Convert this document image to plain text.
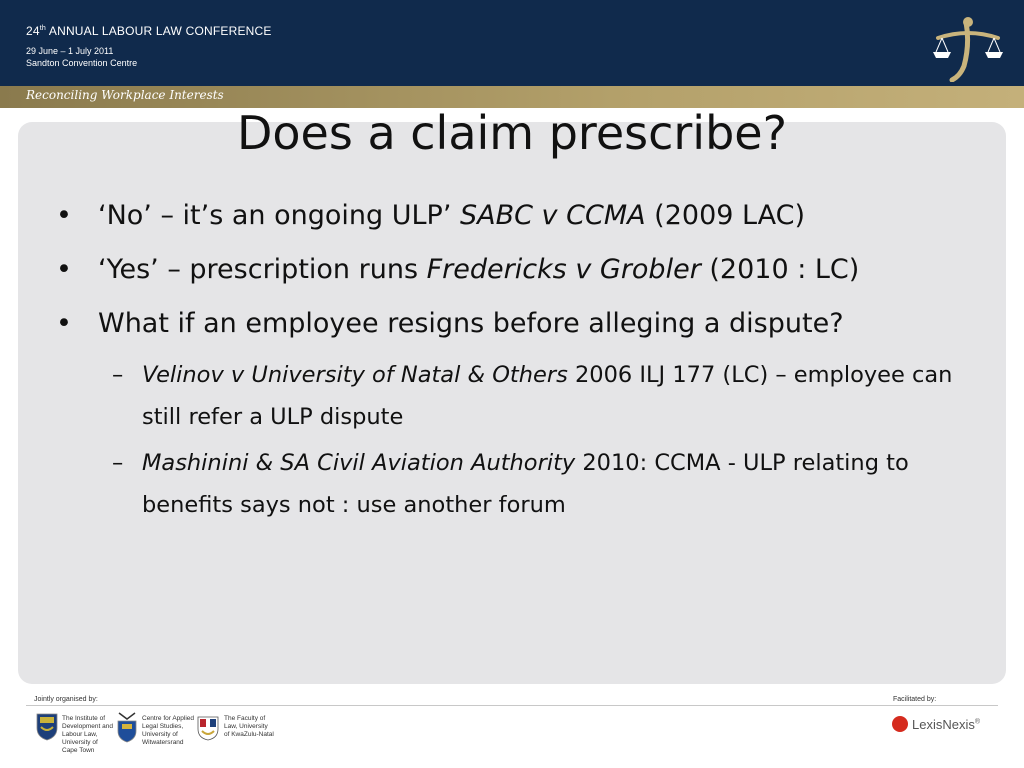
24th ANNUAL LABOUR LAW CONFERENCE
29 June – 1 July 2011
Sandton Convention Centre
Reconciling Workplace Interests
Does a claim prescribe?
• ‘No’ – it’s an ongoing ULP’ SABC v CCMA (2009 LAC)
• ‘Yes’ – prescription runs Fredericks v Grobler (2010 : LC)
• What if an employee resigns before alleging a dispute?
– Velinov v University of Natal & Others 2006 ILJ 177 (LC) – employee can still refer a ULP dispute
– Mashinini & SA Civil Aviation Authority 2010: CCMA - ULP relating to benefits says not : use another forum
Jointly organised by:	Facilitated by:
The Institute of
Development and
Labour Law,
University of
Cape Town
Centre for Applied
Legal Studies,
University of
Witwatersrand
The Faculty of
Law, University
of KwaZulu-Natal
LexisNexis®
